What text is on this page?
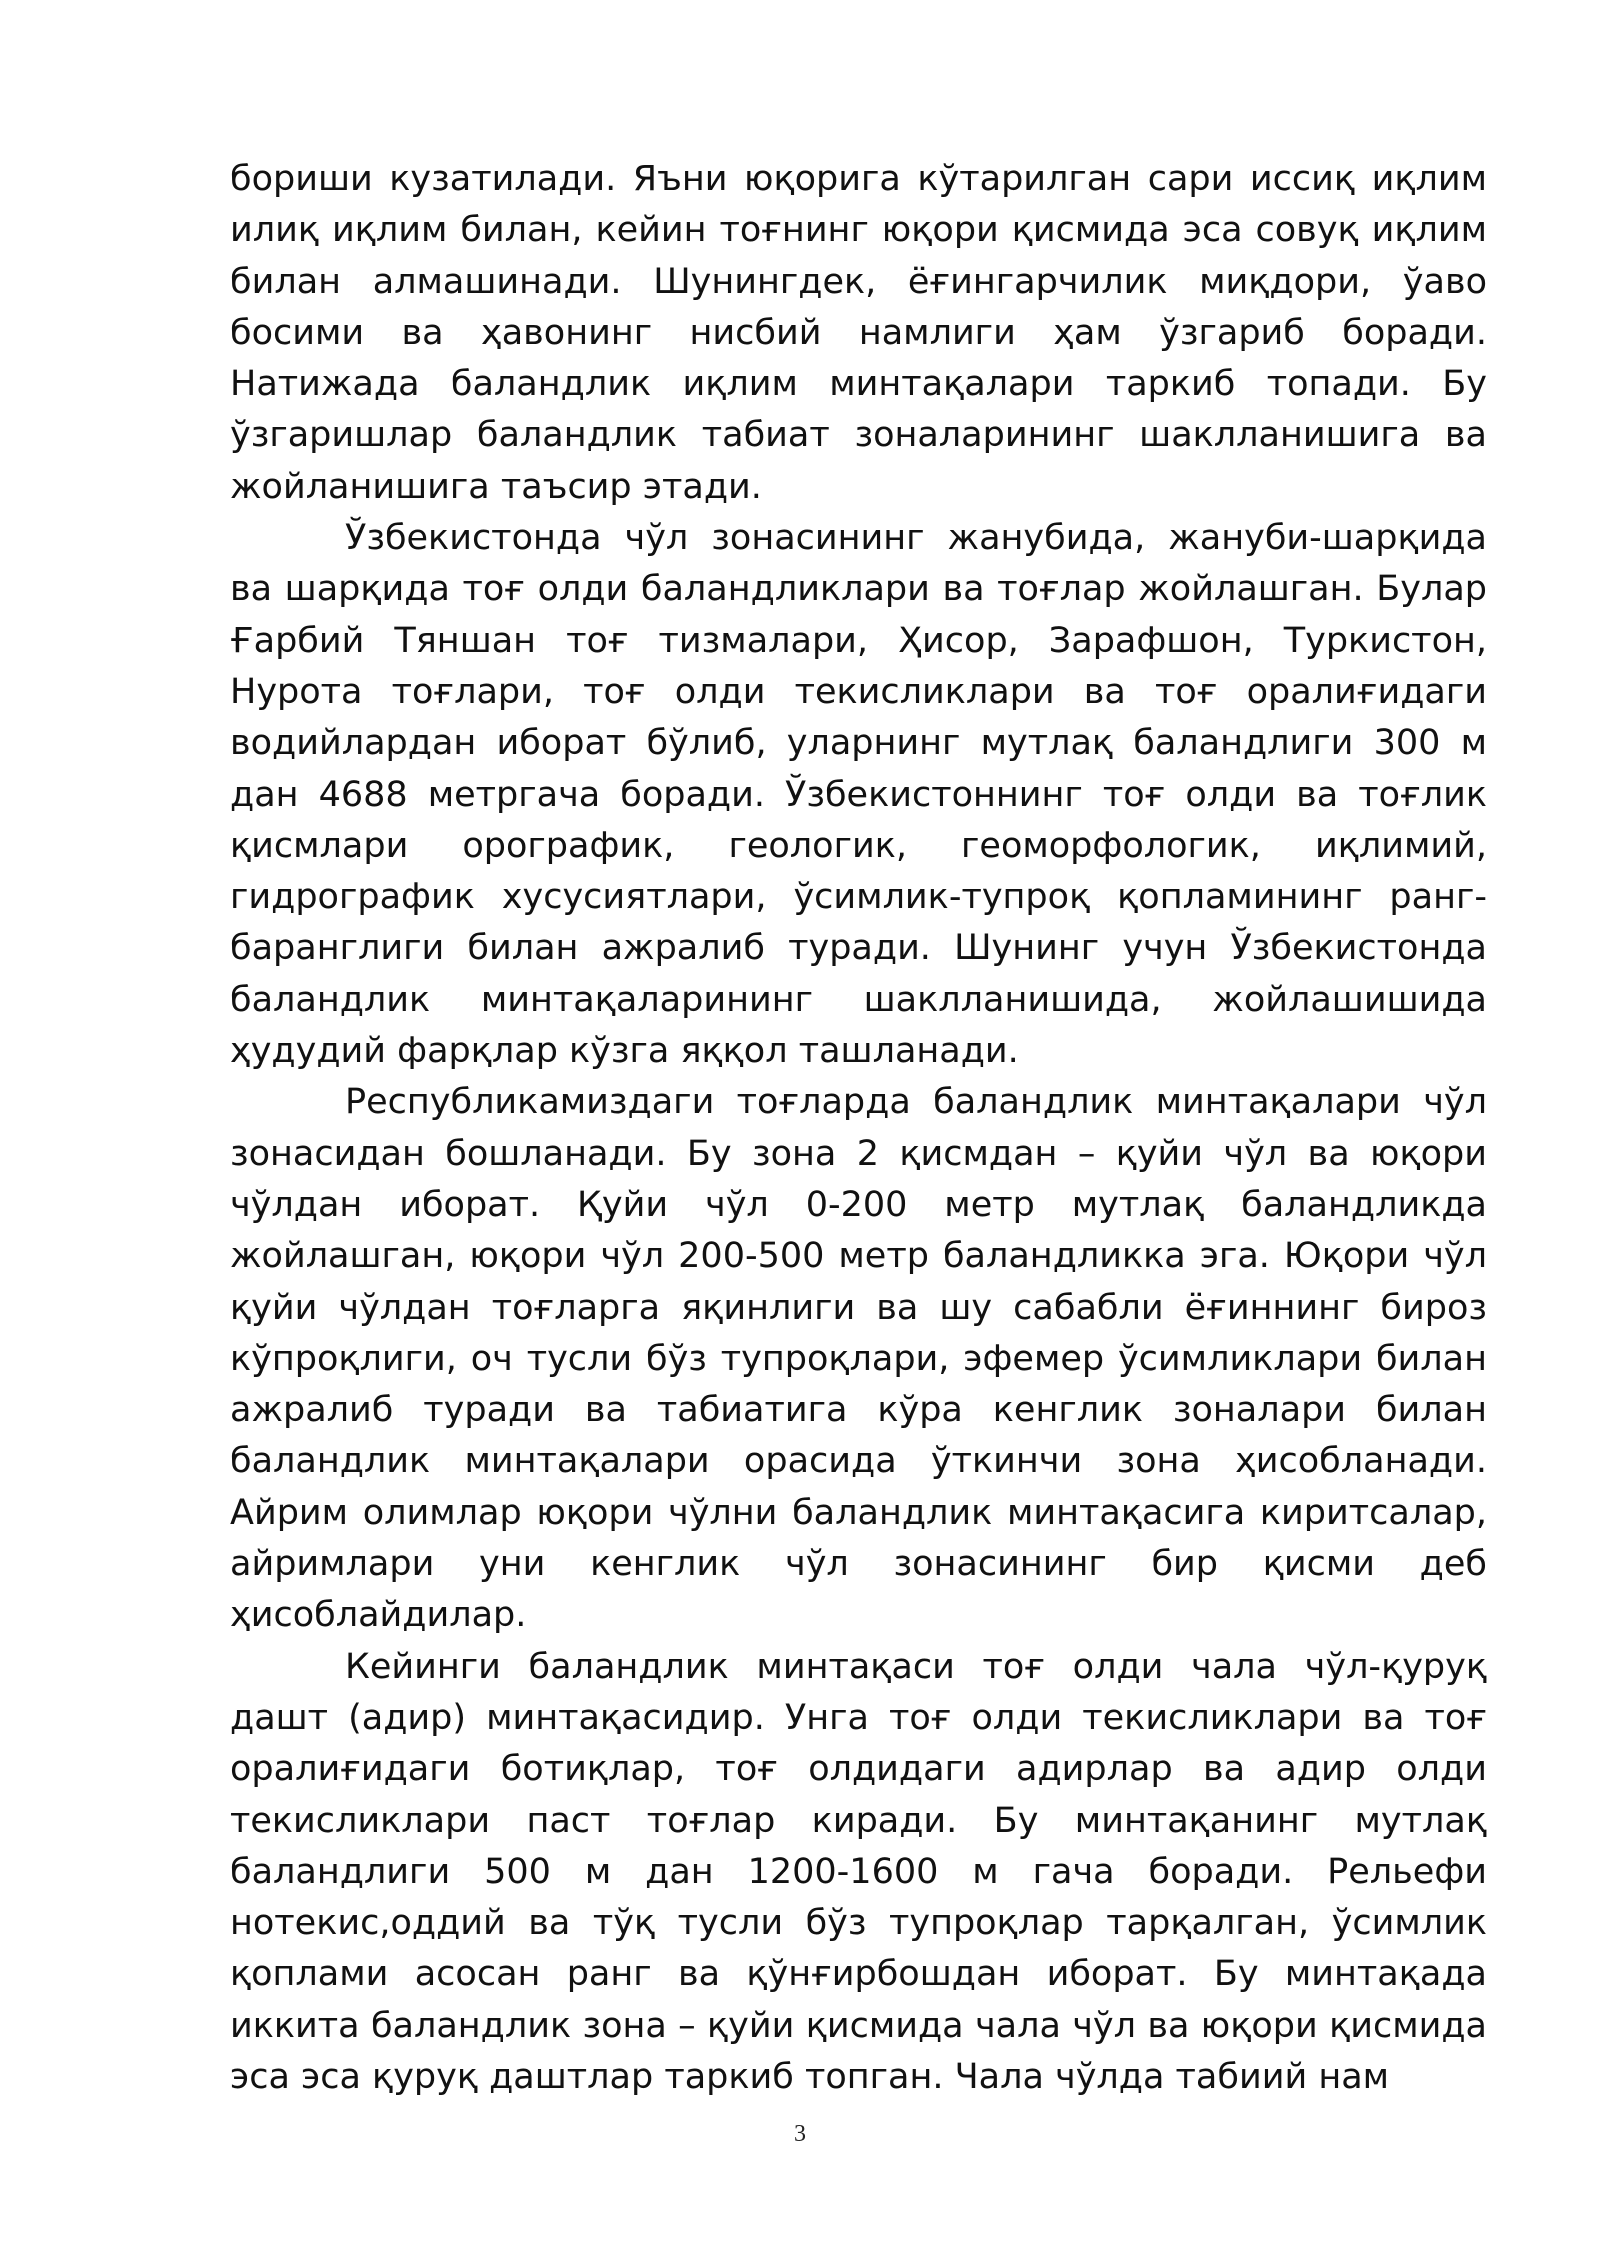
бориши кузатилади. Яъни юқорига кўтарилган сари иссиқ иқлим илиқ иқлим билан, кейин тоғнинг юқори қисмида эса совуқ иқлим билан алмашинади. Шунингдек, ёғингарчилик миқдори, ўаво босими ва ҳавонинг нисбий намлиги ҳам ўзгариб боради. Натижада баландлик иқлим минтақалари таркиб топади. Бу ўзгаришлар баландлик табиат зоналарининг шаклланишига ва жойланишига таъсир этади.

Ўзбекистонда чўл зонасининг жанубида, жануби-шарқида ва шарқида тоғ олди баландликлари ва тоғлар жойлашган. Булар Ғарбий Тяншан тоғ тизмалари, Ҳисор, Зарафшон, Туркистон, Нурота тоғлари, тоғ олди текисликлари ва тоғ оралиғидаги водийлардан иборат бўлиб, уларнинг мутлақ баландлиги 300 м дан 4688 метргача боради. Ўзбекистоннинг тоғ олди ва тоғлик қисмлари орографик, геологик, геоморфологик, иқлимий, гидрографик хусусиятлари, ўсимлик-тупроқ қопламининг ранг-баранглиги билан ажралиб туради. Шунинг учун Ўзбекистонда баландлик минтақаларининг шаклланишида, жойлашишида ҳудудий фарқлар кўзга яққол ташланади.

Республикамиздаги тоғларда баландлик минтақалари чўл зонасидан бошланади. Бу зона 2 қисмдан – қуйи чўл ва юқори чўлдан иборат. Қуйи чўл 0-200 метр мутлақ баландликда жойлашган, юқори чўл 200-500 метр баландликка эга. Юқори чўл қуйи чўлдан тоғларга яқинлиги ва шу сабабли ёғиннинг бироз кўпроқлиги, оч тусли бўз тупроқлари, эфемер ўсимликлари билан ажралиб туради ва табиатига кўра кенглик зоналари билан баландлик минтақалари орасида ўткинчи зона ҳисобланади. Айрим олимлар юқори чўлни баландлик минтақасига киритсалар, айримлари уни кенглик чўл зонасининг бир қисми деб ҳисоблайдилар.

Кейинги баландлик минтақаси тоғ олди чала чўл-қуруқ дашт (адир) минтақасидир. Унга тоғ олди текисликлари ва тоғ оралиғидаги ботиқлар, тоғ олдидаги адирлар ва адир олди текисликлари паст тоғлар киради. Бу минтақанинг мутлақ баландлиги 500 м дан 1200-1600 м гача боради. Рельефи нотекис,оддий ва тўқ тусли бўз тупроқлар тарқалган, ўсимлик қоплами асосан ранг ва қўнғирбошдан иборат. Бу минтақада иккита баландлик зона – қуйи қисмида чала чўл ва юқори қисмида эса эса қуруқ даштлар таркиб топган. Чала чўлда табиий нам

3
